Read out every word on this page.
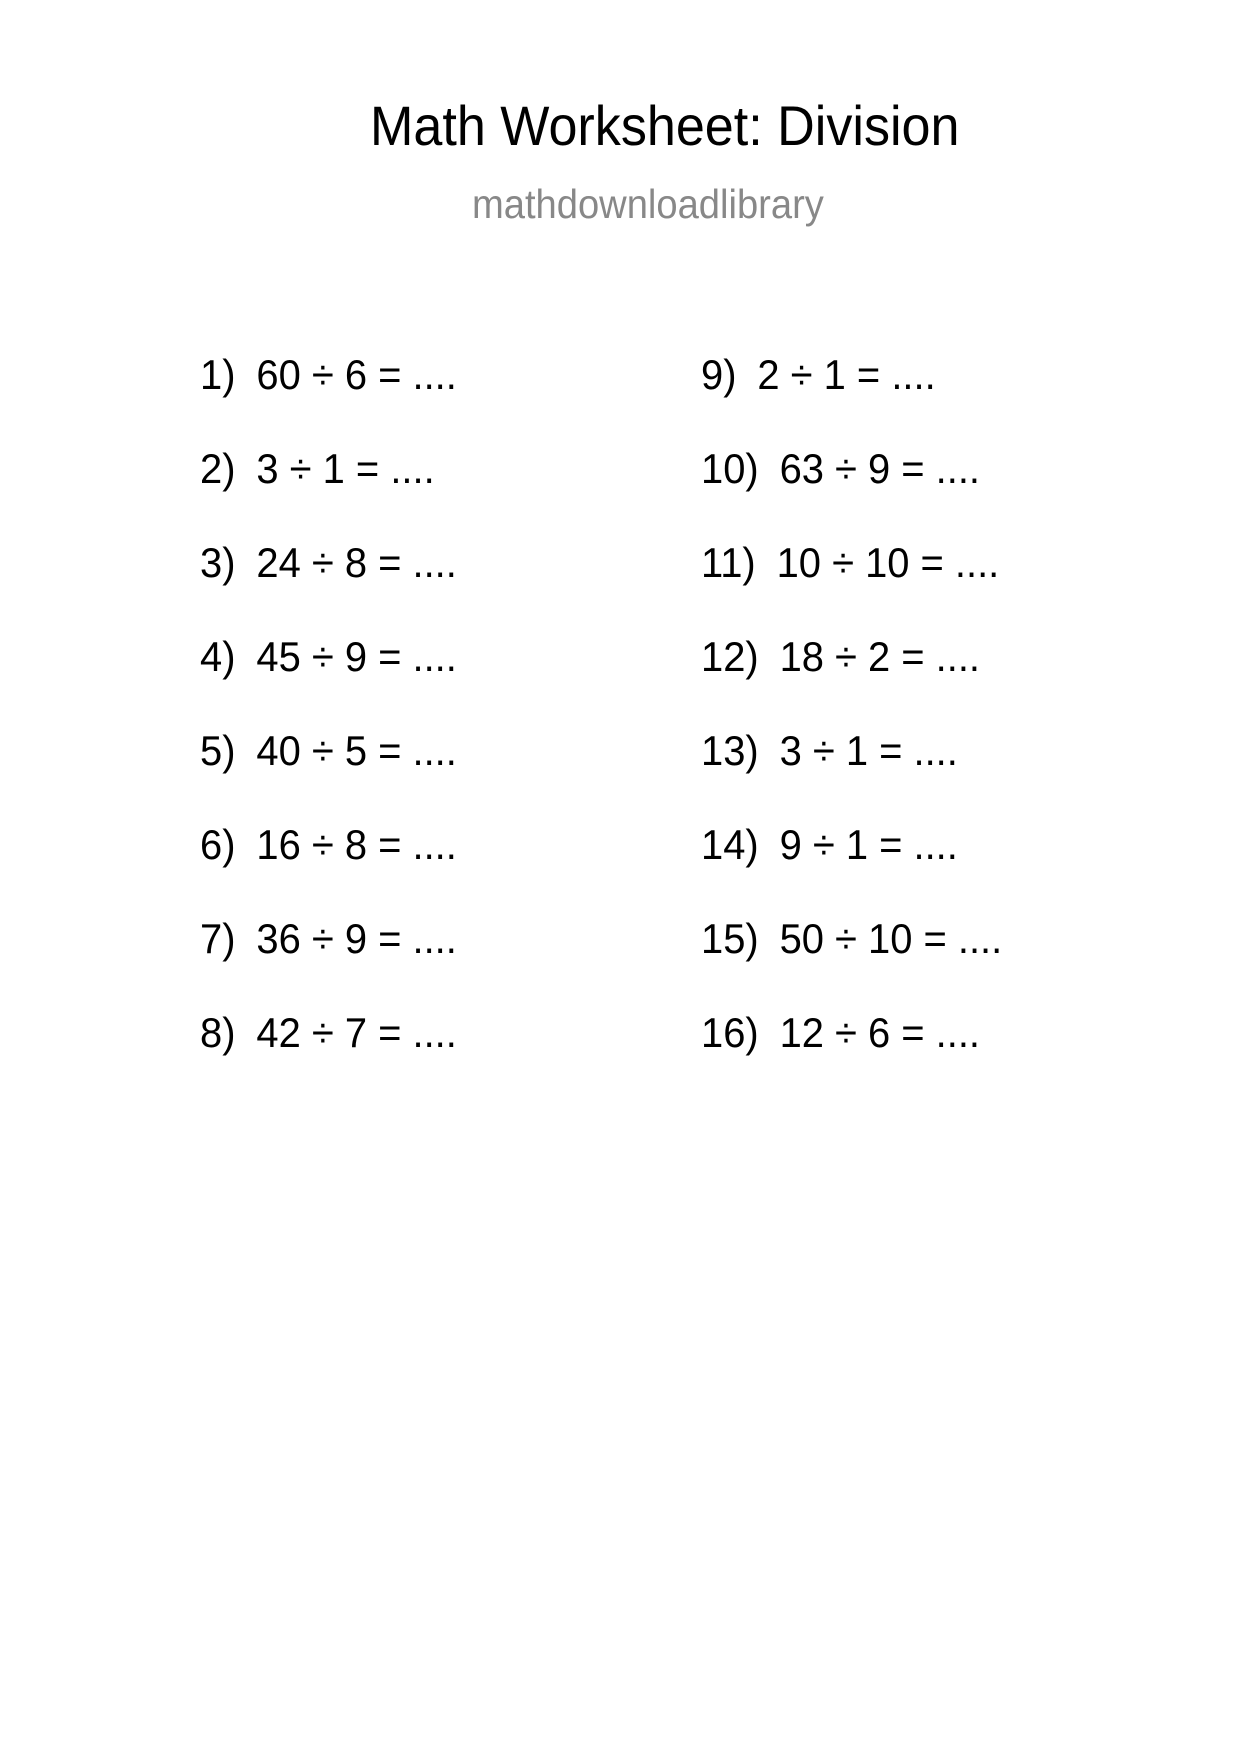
Math Worksheet: Division
mathdownloadlibrary
1) 60 ÷ 6 = ....
2) 3 ÷ 1 = ....
3) 24 ÷ 8 = ....
4) 45 ÷ 9 = ....
5) 40 ÷ 5 = ....
6) 16 ÷ 8 = ....
7) 36 ÷ 9 = ....
8) 42 ÷ 7 = ....
9) 2 ÷ 1 = ....
10) 63 ÷ 9 = ....
11) 10 ÷ 10 = ....
12) 18 ÷ 2 = ....
13) 3 ÷ 1 = ....
14) 9 ÷ 1 = ....
15) 50 ÷ 10 = ....
16) 12 ÷ 6 = ....
